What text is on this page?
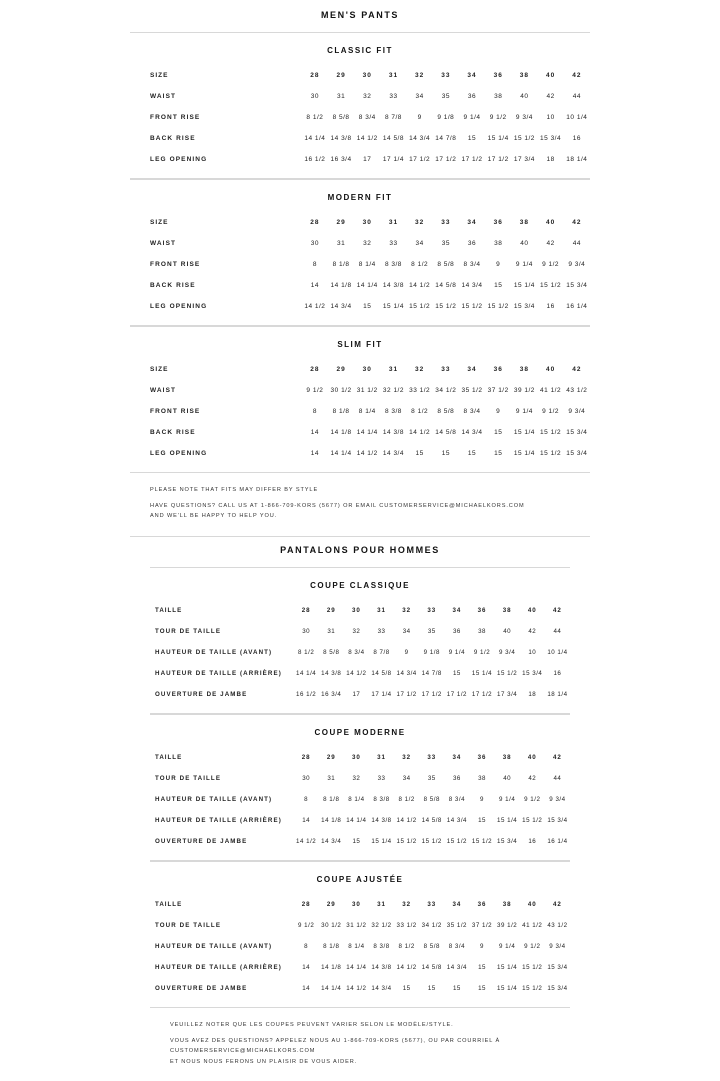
MEN'S PANTS
CLASSIC FIT
SIZE	28	29	30	31	32	33	34	36	38	40	42
WAIST	30	31	32	33	34	35	36	38	40	42	44
FRONT RISE	8 1/2	8 5/8	8 3/4	8 7/8	9	9 1/8	9 1/4	9 1/2	9 3/4	10	10 1/4
BACK RISE	14 1/4	14 3/8	14 1/2	14 5/8	14 3/4	14 7/8	15	15 1/4	15 1/2	15 3/4	16
LEG OPENING	16 1/2	16 3/4	17	17 1/4	17 1/2	17 1/2	17 1/2	17 1/2	17 3/4	18	18 1/4
MODERN FIT
SIZE	28	29	30	31	32	33	34	36	38	40	42
WAIST	30	31	32	33	34	35	36	38	40	42	44
FRONT RISE	8	8 1/8	8 1/4	8 3/8	8 1/2	8 5/8	8 3/4	9	9 1/4	9 1/2	9 3/4
BACK RISE	14	14 1/8	14 1/4	14 3/8	14 1/2	14 5/8	14 3/4	15	15 1/4	15 1/2	15 3/4
LEG OPENING	14 1/2	14 3/4	15	15 1/4	15 1/2	15 1/2	15 1/2	15 1/2	15 3/4	16	16 1/4
SLIM FIT
SIZE	28	29	30	31	32	33	34	36	38	40	42
WAIST	9 1/2	30 1/2	31 1/2	32 1/2	33 1/2	34 1/2	35 1/2	37 1/2	39 1/2	41 1/2	43 1/2
FRONT RISE	8	8 1/8	8 1/4	8 3/8	8 1/2	8 5/8	8 3/4	9	9 1/4	9 1/2	9 3/4
BACK RISE	14	14 1/8	14 1/4	14 3/8	14 1/2	14 5/8	14 3/4	15	15 1/4	15 1/2	15 3/4
LEG OPENING	14	14 1/4	14 1/2	14 3/4	15	15	15	15	15 1/4	15 1/2	15 3/4
PLEASE NOTE THAT FITS MAY DIFFER BY STYLE
HAVE QUESTIONS? CALL US AT 1-866-709-KORS (5677) OR EMAIL CUSTOMERSERVICE@MICHAELKORS.COM
AND WE'LL BE HAPPY TO HELP YOU.
PANTALONS POUR HOMMES
COUPE CLASSIQUE
TAILLE	28	29	30	31	32	33	34	36	38	40	42
TOUR DE TAILLE	30	31	32	33	34	35	36	38	40	42	44
HAUTEUR DE TAILLE (AVANT)	8 1/2	8 5/8	8 3/4	8 7/8	9	9 1/8	9 1/4	9 1/2	9 3/4	10	10 1/4
HAUTEUR DE TAILLE (ARRIÈRE)	14 1/4	14 3/8	14 1/2	14 5/8	14 3/4	14 7/8	15	15 1/4	15 1/2	15 3/4	16
OUVERTURE DE JAMBE	16 1/2	16 3/4	17	17 1/4	17 1/2	17 1/2	17 1/2	17 1/2	17 3/4	18	18 1/4
COUPE MODERNE
TAILLE	28	29	30	31	32	33	34	36	38	40	42
TOUR DE TAILLE	30	31	32	33	34	35	36	38	40	42	44
HAUTEUR DE TAILLE (AVANT)	8	8 1/8	8 1/4	8 3/8	8 1/2	8 5/8	8 3/4	9	9 1/4	9 1/2	9 3/4
HAUTEUR DE TAILLE (ARRIÈRE)	14	14 1/8	14 1/4	14 3/8	14 1/2	14 5/8	14 3/4	15	15 1/4	15 1/2	15 3/4
OUVERTURE DE JAMBE	14 1/2	14 3/4	15	15 1/4	15 1/2	15 1/2	15 1/2	15 1/2	15 3/4	16	16 1/4
COUPE AJUSTÉE
TAILLE	28	29	30	31	32	33	34	36	38	40	42
TOUR DE TAILLE	9 1/2	30 1/2	31 1/2	32 1/2	33 1/2	34 1/2	35 1/2	37 1/2	39 1/2	41 1/2	43 1/2
HAUTEUR DE TAILLE (AVANT)	8	8 1/8	8 1/4	8 3/8	8 1/2	8 5/8	8 3/4	9	9 1/4	9 1/2	9 3/4
HAUTEUR DE TAILLE (ARRIÈRE)	14	14 1/8	14 1/4	14 3/8	14 1/2	14 5/8	14 3/4	15	15 1/4	15 1/2	15 3/4
OUVERTURE DE JAMBE	14	14 1/4	14 1/2	14 3/4	15	15	15	15	15 1/4	15 1/2	15 3/4
VEUILLEZ NOTER QUE LES COUPES PEUVENT VARIER SELON LE MODÈLE/STYLE.
VOUS AVEZ DES QUESTIONS? APPELEZ NOUS AU 1-866-709-KORS (5677), OU PAR COURRIEL À CUSTOMERSERVICE@MICHAELKORS.COM
ET NOUS NOUS FERONS UN PLAISIR DE VOUS AIDER.
